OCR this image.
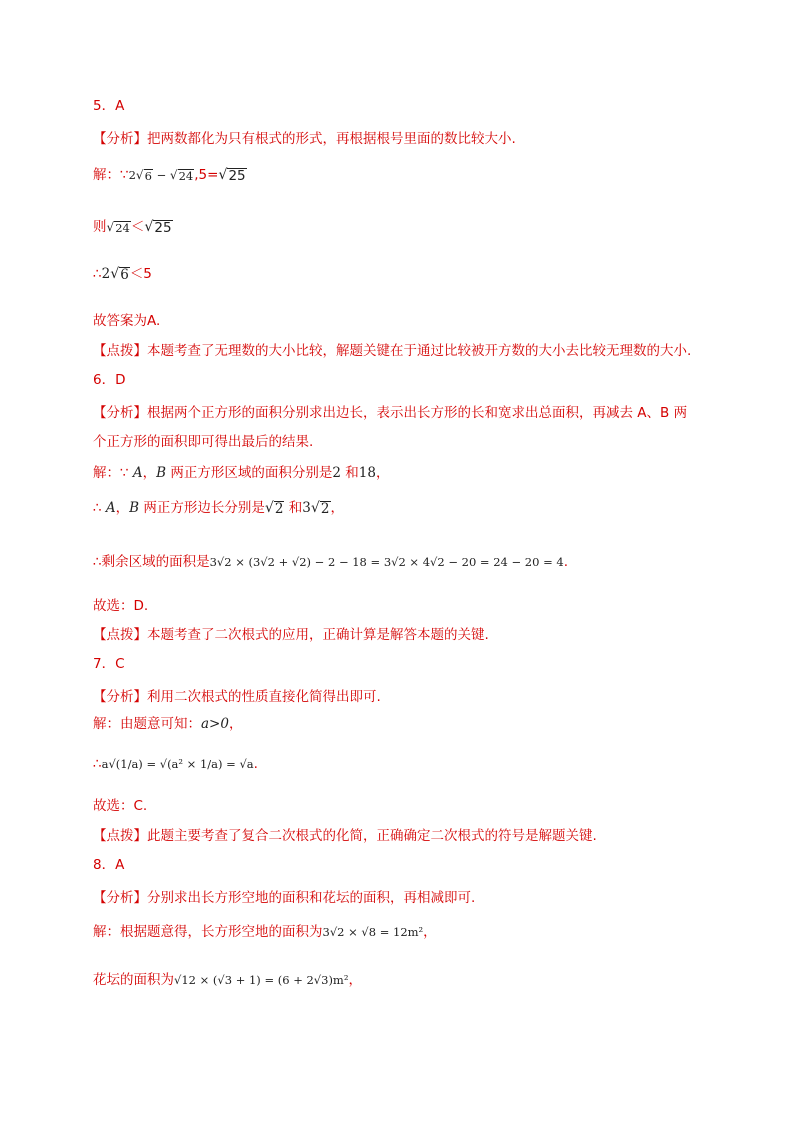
5．A
【分析】把两数都化为只有根式的形式，再根据根号里面的数比较大小.
解：∵2 √ 6 − √ 24 ,5= √ 25
则 √ 24 ＜ √ 25
∴2 √ 6 ＜5
故答案为A.
【点拨】本题考查了无理数的大小比较，解题关键在于通过比较被开方数的大小去比较无理数的大小.
6．D
【分析】根据两个正方形的面积分别求出边长，表示出长方形的长和宽求出总面积，再减去 A、B 两
个正方形的面积即可得出最后的结果.
解：∵ A，B 两正方形区域的面积分别是2 和18，
∴ A，B 两正方形边长分别是 √ 2 和3 √ 2 ，
∴剩余区域的面积是3√2 × (3√2 + √2) − 2 − 18 = 3√2 × 4√2 − 20 = 24 − 20 = 4.
故选：D.
【点拨】本题考查了二次根式的应用，正确计算是解答本题的关键.
7．C
【分析】利用二次根式的性质直接化简得出即可.
解：由题意可知：a>0，
∴a√(1/a) = √(a² × 1/a) = √a.
故选：C.
【点拨】此题主要考查了复合二次根式的化简，正确确定二次根式的符号是解题关键.
8．A
【分析】分别求出长方形空地的面积和花坛的面积，再相减即可.
解：根据题意得，长方形空地的面积为3√2 × √8 = 12m²，
花坛的面积为√12 × (√3 + 1) = (6 + 2√3)m²，
